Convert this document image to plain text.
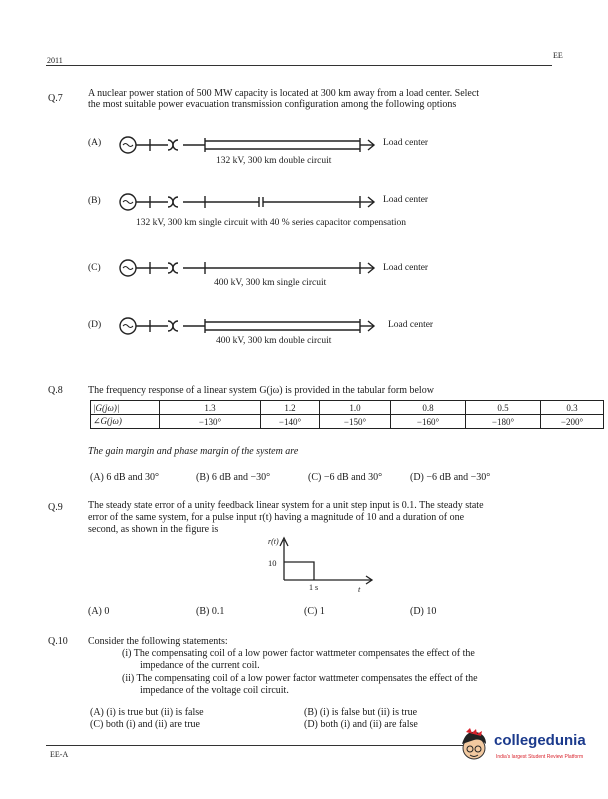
2011
EE
Q.7	A nuclear power station of 500 MW capacity is located at 300 km away from a load center. Select
the most suitable power evacuation transmission configuration among the following options
(A)	Load center
132 kV, 300 km double circuit
(B)	Load center
132 kV, 300 km single circuit with 40 % series capacitor compensation
(C)	Load center
400 kV, 300 km single circuit
(D)	Load center
400 kV, 300 km double circuit
Q.8	The frequency response of a linear system G(jω) is provided in the tabular form below
|G(jω)|	1.3	1.2	1.0	0.8	0.5	0.3
∠G(jω)	−130°	−140°	−150°	−160°	−180°	−200°
The gain margin and phase margin of the system are
(A) 6 dB and 30°	(B) 6 dB and −30°	(C) −6 dB and 30°	(D) −6 dB and −30°
Q.9	The steady state error of a unity feedback linear system for a unit step input is 0.1. The steady state
error of the same system, for a pulse input r(t) having a magnitude of 10 and a duration of one
second, as shown in the figure is
r(t)
10
1 s	t
(A) 0	(B) 0.1	(C) 1	(D) 10
Q.10 Consider the following statements:
(i) The compensating coil of a low power factor wattmeter compensates the effect of the
impedance of the current coil.
(ii) The compensating coil of a low power factor wattmeter compensates the effect of the
impedance of the voltage coil circuit.
(A) (i) is true but (ii) is false	(B) (i) is false but (ii) is true
(C) both (i) and (ii) are true	(D) both (i) and (ii) are false
EE-A
collegedunia
India's largest Student Review Platform
